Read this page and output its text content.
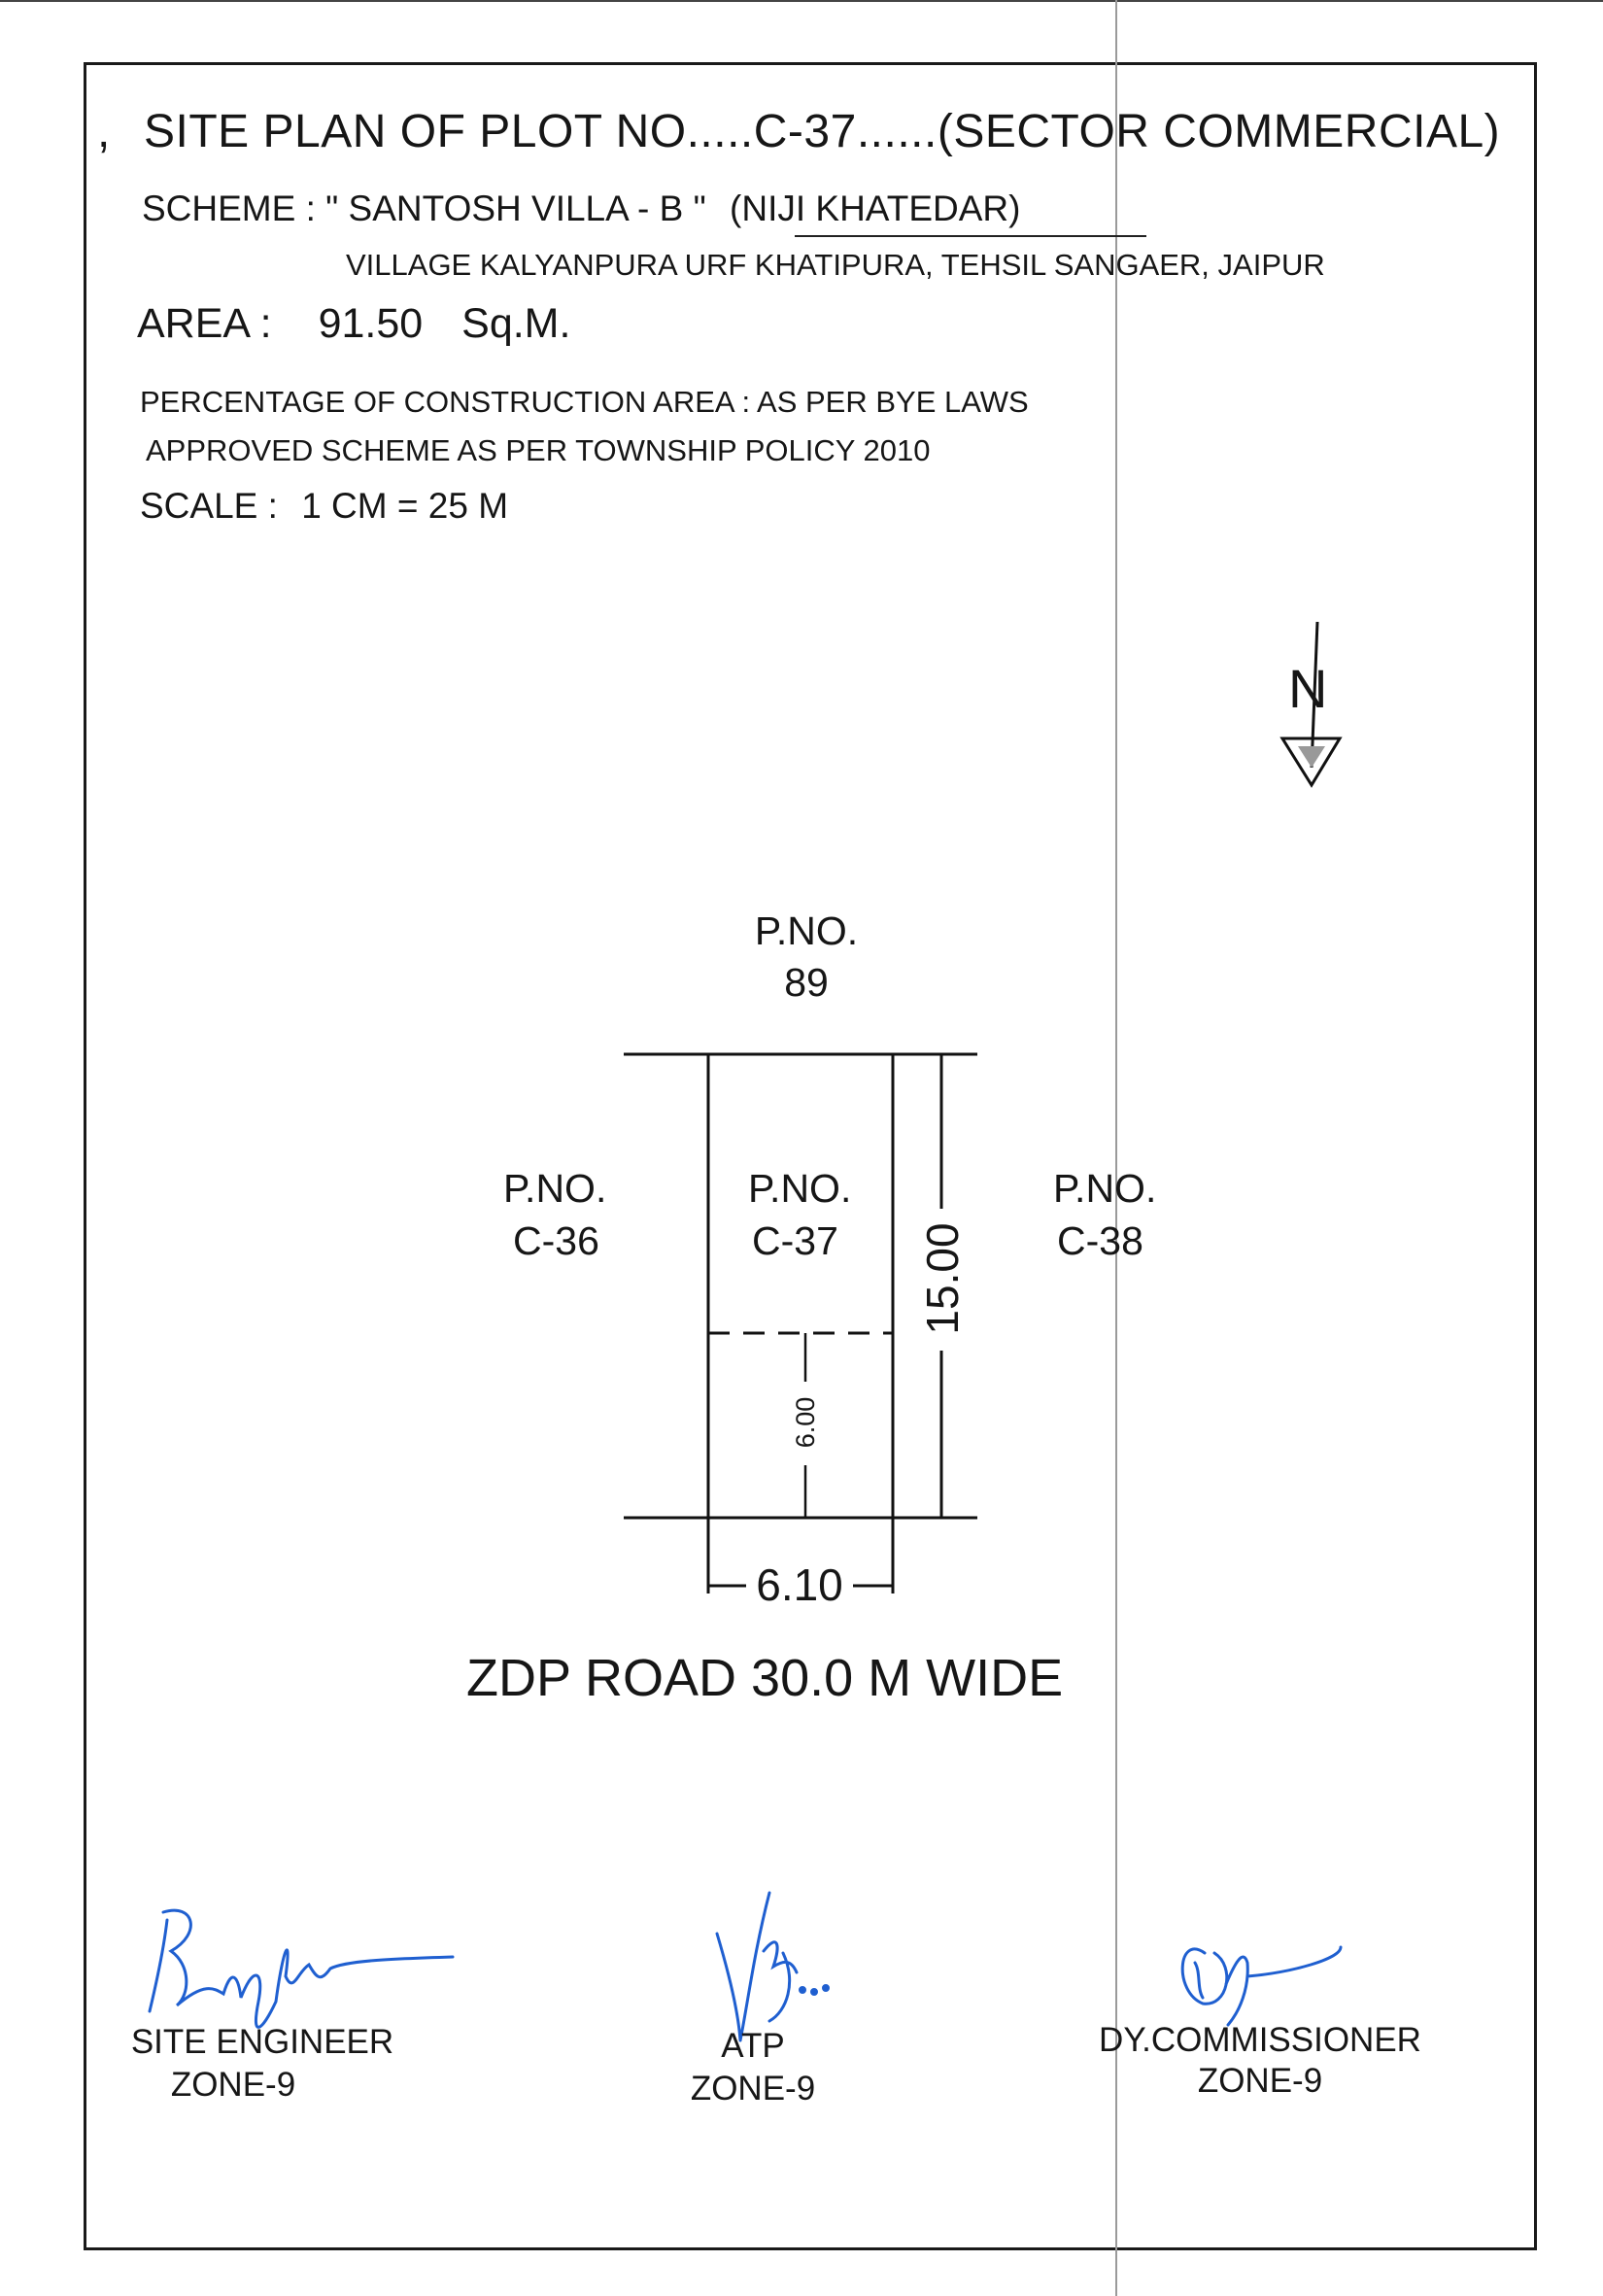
, SITE PLAN OF PLOT NO.....C-37......(SECTOR COMMERCIAL)
SCHEME : " SANTOSH VILLA - B " (NIJI KHATEDAR)
VILLAGE KALYANPURA URF KHATIPURA, TEHSIL SANGAER, JAIPUR
AREA : 91.50 Sq.M.
PERCENTAGE OF CONSTRUCTION AREA : AS PER BYE LAWS
APPROVED SCHEME AS PER TOWNSHIP POLICY 2010
SCALE : 1 CM = 25 M
P.NO.
89
P.NO.
C-36
P.NO.
C-37
P.NO.
C-38
15.00
6.00
6.10
ZDP ROAD 30.0 M WIDE
SITE ENGINEER
ZONE-9
ATP
ZONE-9
DY.COMMISSIONER
ZONE-9
N
